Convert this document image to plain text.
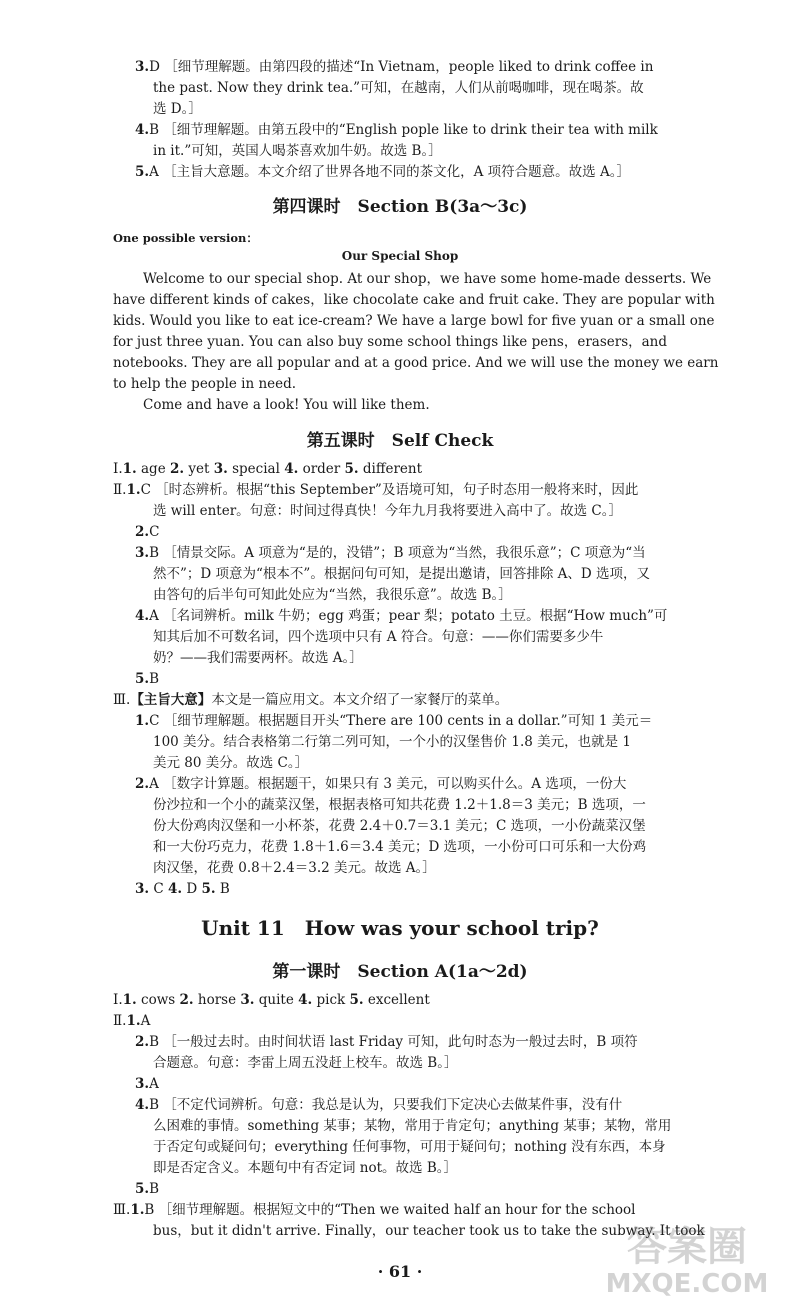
3.D ［细节理解题。由第四段的描述“In Vietnam，people liked to drink coffee in
the past. Now they drink tea.”可知，在越南，人们从前喝咖啡，现在喝茶。故
选 D。］
4.B ［细节理解题。由第五段中的“English pople like to drink their tea with milk
in it.”可知，英国人喝茶喜欢加牛奶。故选 B。］
5.A ［主旨大意题。本文介绍了世界各地不同的茶文化，A 项符合题意。故选 A。］
第四课时　Section B(3a～3c)
One possible version：
Our Special Shop
Welcome to our special shop. At our shop，we have some home-made desserts. We
have different kinds of cakes，like chocolate cake and fruit cake. They are popular with
kids. Would you like to eat ice-cream? We have a large bowl for five yuan or a small one
for just three yuan. You can also buy some school things like pens，erasers，and
notebooks. They are all popular and at a good price. And we will use the money we earn
to help the people in need.
Come and have a look! You will like them.
第五课时　Self Check
Ⅰ.1. age 2. yet 3. special 4. order 5. different
Ⅱ.1.C ［时态辨析。根据“this September”及语境可知，句子时态用一般将来时，因此
选 will enter。句意：时间过得真快！今年九月我将要进入高中了。故选 C。］
2.C
3.B ［情景交际。A 项意为“是的，没错”；B 项意为“当然，我很乐意”；C 项意为“当
然不”；D 项意为“根本不”。根据问句可知，是提出邀请，回答排除 A、D 选项，又
由答句的后半句可知此处应为“当然，我很乐意”。故选 B。］
4.A ［名词辨析。milk 牛奶；egg 鸡蛋；pear 梨；potato 土豆。根据“How much”可
知其后加不可数名词，四个选项中只有 A 符合。句意：——你们需要多少牛
奶？——我们需要两杯。故选 A。］
5.B
Ⅲ.【主旨大意】本文是一篇应用文。本文介绍了一家餐厅的菜单。
1.C ［细节理解题。根据题目开头“There are 100 cents in a dollar.”可知 1 美元＝
100 美分。结合表格第二行第二列可知，一个小的汉堡售价 1.8 美元，也就是 1
美元 80 美分。故选 C。］
2.A ［数字计算题。根据题干，如果只有 3 美元，可以购买什么。A 选项，一份大
份沙拉和一个小的蔬菜汉堡，根据表格可知共花费 1.2＋1.8＝3 美元；B 选项，一
份大份鸡肉汉堡和一小杯茶，花费 2.4＋0.7＝3.1 美元；C 选项，一小份蔬菜汉堡
和一大份巧克力，花费 1.8＋1.6＝3.4 美元；D 选项，一小份可口可乐和一大份鸡
肉汉堡，花费 0.8＋2.4＝3.2 美元。故选 A。］
3. C 4. D 5. B
Unit 11　How was your school trip?
第一课时　Section A(1a～2d)
Ⅰ.1. cows 2. horse 3. quite 4. pick 5. excellent
Ⅱ.1.A
2.B ［一般过去时。由时间状语 last Friday 可知，此句时态为一般过去时，B 项符
合题意。句意：李雷上周五没赶上校车。故选 B。］
3.A
4.B ［不定代词辨析。句意：我总是认为，只要我们下定决心去做某件事，没有什
么困难的事情。something 某事；某物，常用于肯定句；anything 某事；某物，常用
于否定句或疑问句；everything 任何事物，可用于疑问句；nothing 没有东西，本身
即是否定含义。本题句中有否定词 not。故选 B。］
5.B
Ⅲ.1.B ［细节理解题。根据短文中的“Then we waited half an hour for the school
bus，but it didn't arrive. Finally，our teacher took us to take the subway. It took
· 61 ·
答案圈
MXQE.COM
